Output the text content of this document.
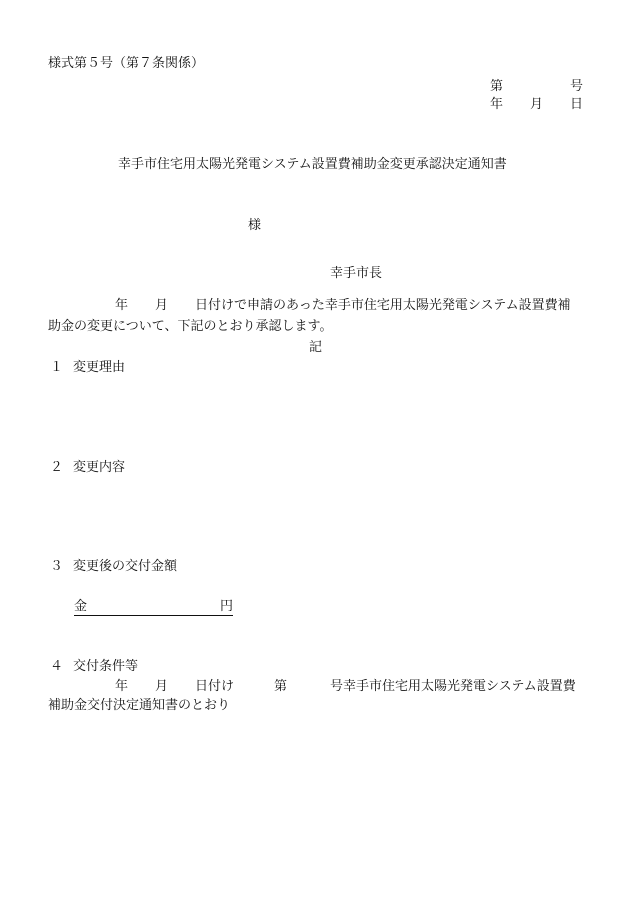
様式第５号（第７条関係）

第	号

年 月 日

幸手市住宅用太陽光発電システム設置費補助金変更承認決定通知書

様

幸手市長

年 月 日付けで申請のあった幸手市住宅用太陽光発電システム設置費補

助金の変更について、下記のとおり承認します。

記

１ 変更理由

２ 変更内容

３ 変更後の交付金額

金	円

４ 交付条件等

年 月 日付け	第	号幸手市住宅用太陽光発電システム設置費

補助金交付決定通知書のとおり
